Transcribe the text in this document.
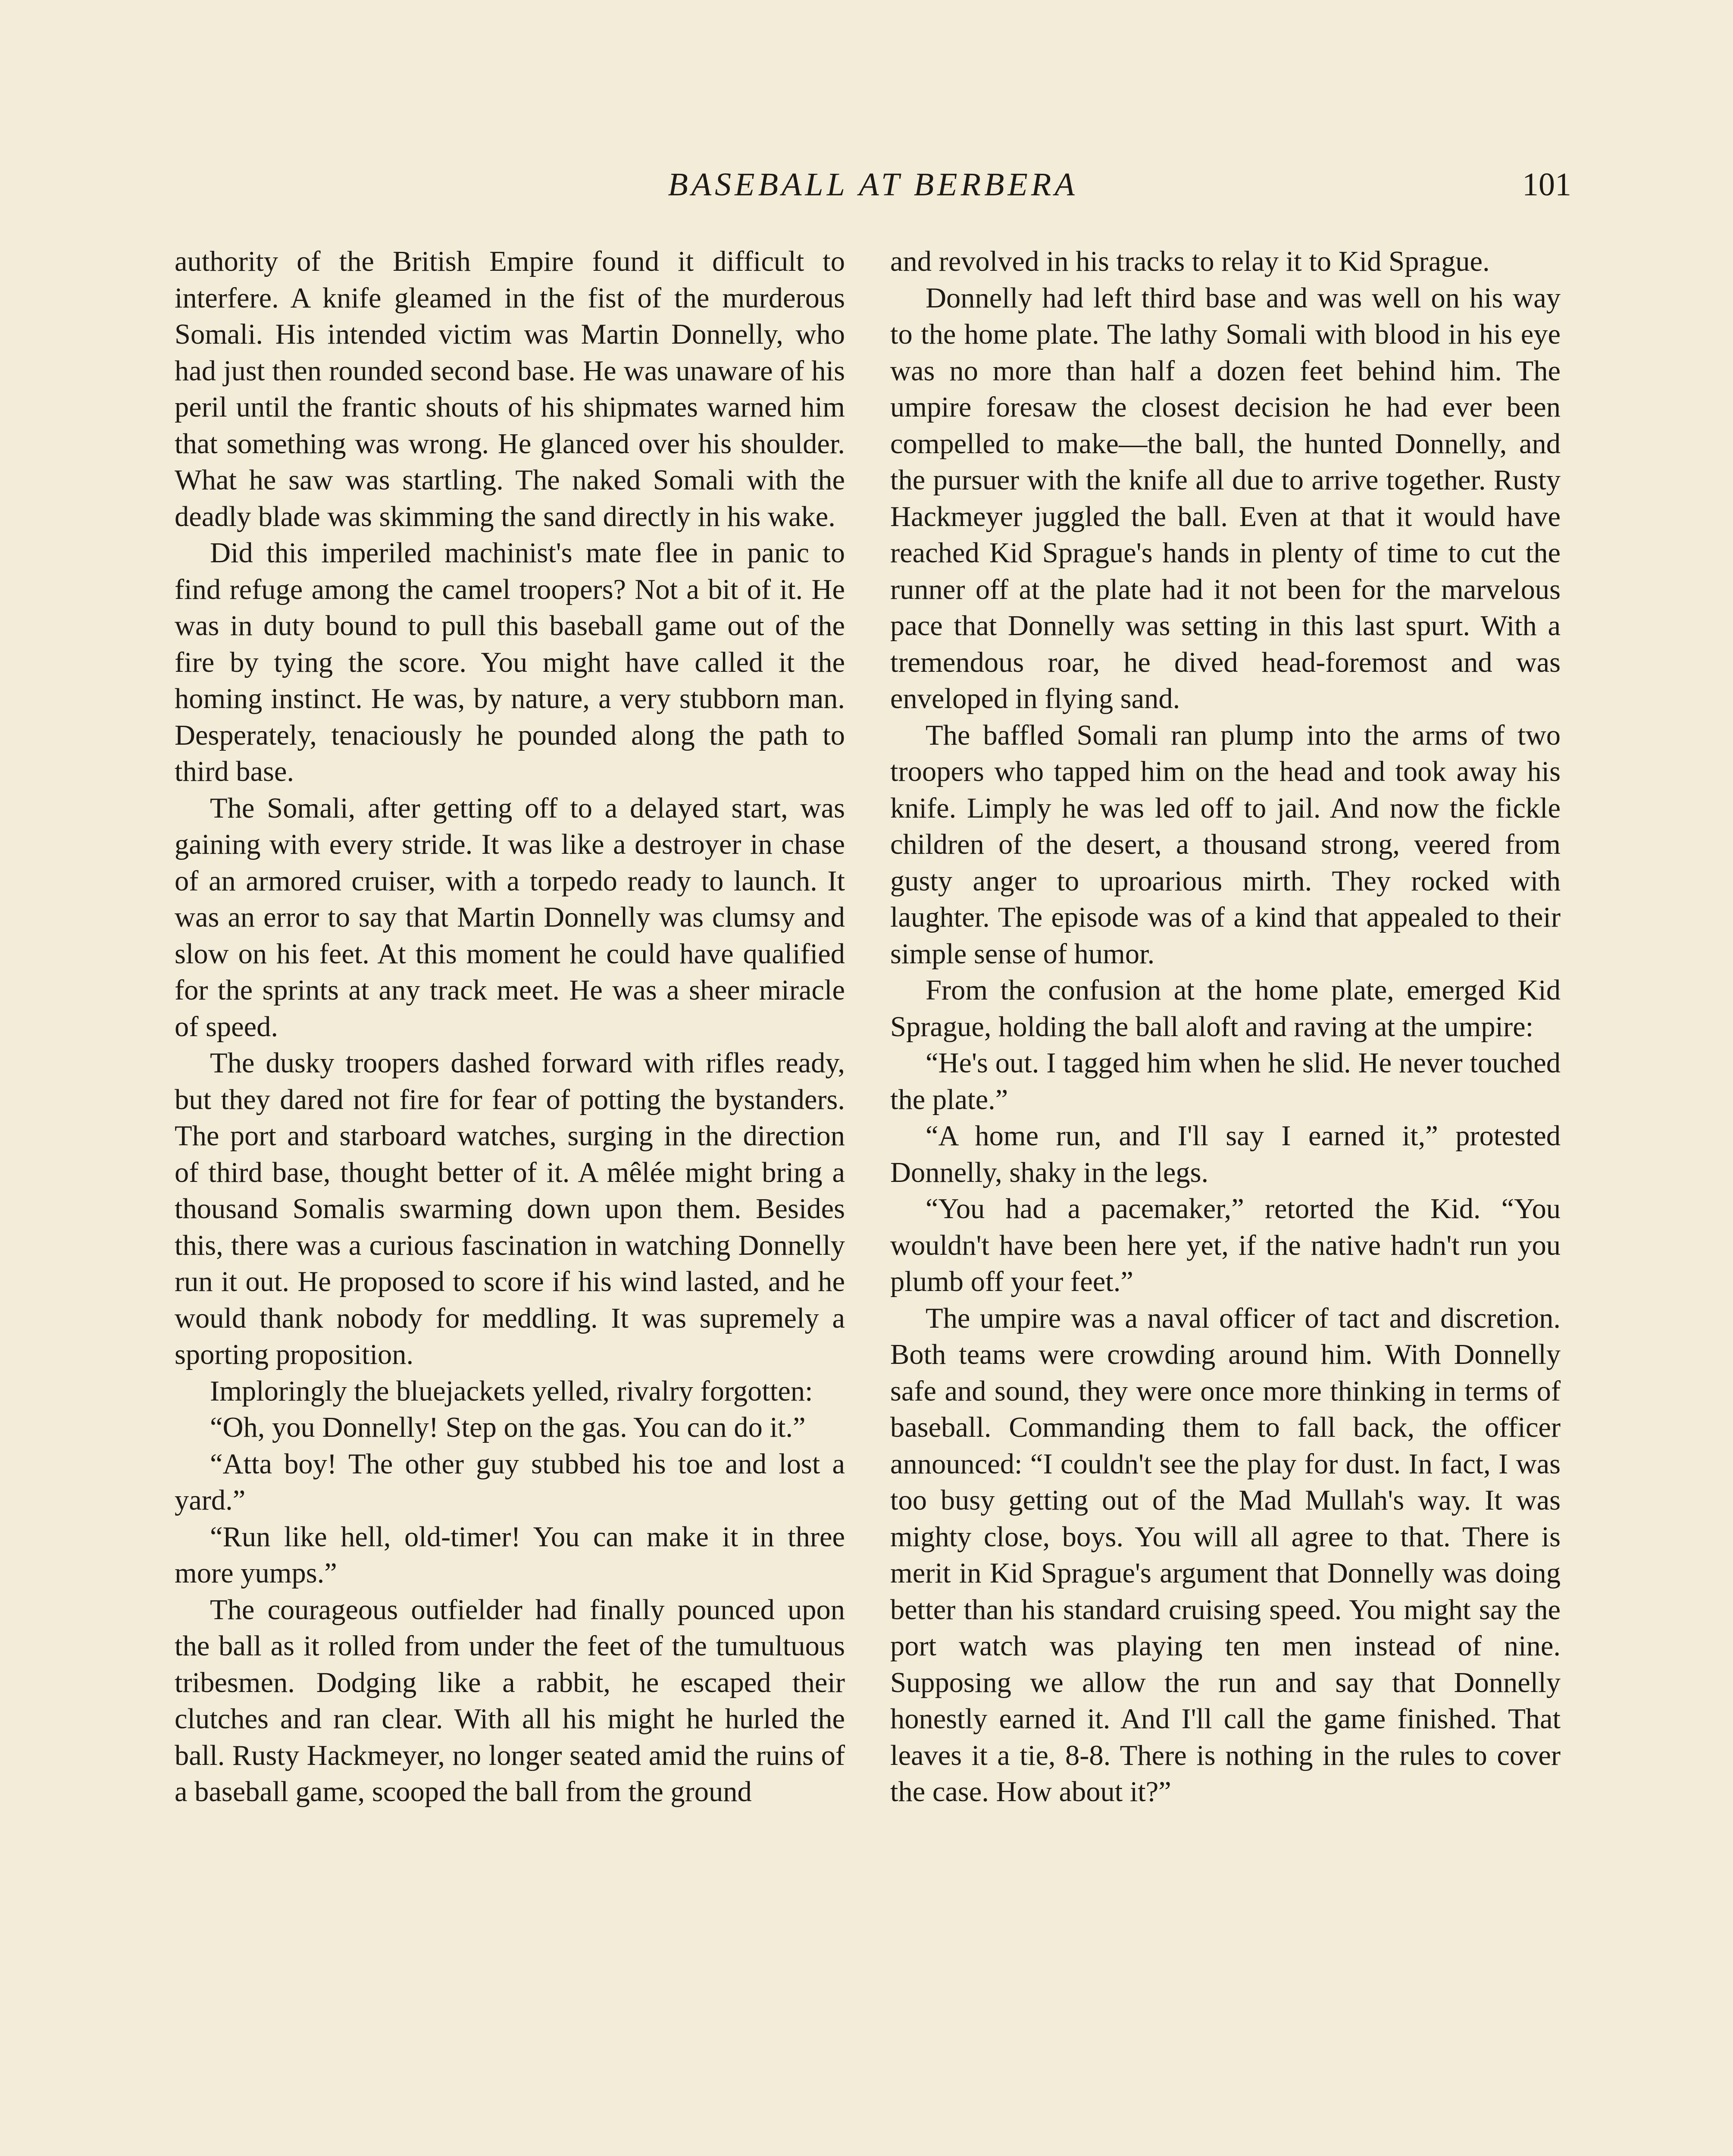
BASEBALL AT BERBERA	101

authority of the British Empire found it difficult to interfere. A knife gleamed in the fist of the murderous Somali. His intended victim was Martin Donnelly, who had just then rounded second base. He was unaware of his peril until the frantic shouts of his shipmates warned him that something was wrong. He glanced over his shoulder. What he saw was startling. The naked Somali with the deadly blade was skimming the sand directly in his wake.

Did this imperiled machinist's mate flee in panic to find refuge among the camel troopers? Not a bit of it. He was in duty bound to pull this baseball game out of the fire by tying the score. You might have called it the homing instinct. He was, by nature, a very stubborn man. Desperately, tenaciously he pounded along the path to third base.

The Somali, after getting off to a delayed start, was gaining with every stride. It was like a destroyer in chase of an armored cruiser, with a torpedo ready to launch. It was an error to say that Martin Donnelly was clumsy and slow on his feet. At this moment he could have qualified for the sprints at any track meet. He was a sheer miracle of speed.

The dusky troopers dashed forward with rifles ready, but they dared not fire for fear of potting the bystanders. The port and starboard watches, surging in the direction of third base, thought better of it. A mêlée might bring a thousand Somalis swarming down upon them. Besides this, there was a curious fascination in watching Donnelly run it out. He proposed to score if his wind lasted, and he would thank nobody for meddling. It was supremely a sporting proposition.

Imploringly the bluejackets yelled, rivalry forgotten:

“Oh, you Donnelly! Step on the gas. You can do it.”

“Atta boy! The other guy stubbed his toe and lost a yard.”

“Run like hell, old-timer! You can make it in three more yumps.”

The courageous outfielder had finally pounced upon the ball as it rolled from under the feet of the tumultuous tribesmen. Dodging like a rabbit, he escaped their clutches and ran clear. With all his might he hurled the ball. Rusty Hackmeyer, no longer seated amid the ruins of a baseball game, scooped the ball from the ground

and revolved in his tracks to relay it to Kid Sprague.

Donnelly had left third base and was well on his way to the home plate. The lathy Somali with blood in his eye was no more than half a dozen feet behind him. The umpire foresaw the closest decision he had ever been compelled to make—the ball, the hunted Donnelly, and the pursuer with the knife all due to arrive together. Rusty Hackmeyer juggled the ball. Even at that it would have reached Kid Sprague's hands in plenty of time to cut the runner off at the plate had it not been for the marvelous pace that Donnelly was setting in this last spurt. With a tremendous roar, he dived head-foremost and was enveloped in flying sand.

The baffled Somali ran plump into the arms of two troopers who tapped him on the head and took away his knife. Limply he was led off to jail. And now the fickle children of the desert, a thousand strong, veered from gusty anger to uproarious mirth. They rocked with laughter. The episode was of a kind that appealed to their simple sense of humor.

From the confusion at the home plate, emerged Kid Sprague, holding the ball aloft and raving at the umpire:

“He's out. I tagged him when he slid. He never touched the plate.”

“A home run, and I'll say I earned it,” protested Donnelly, shaky in the legs.

“You had a pacemaker,” retorted the Kid. “You wouldn't have been here yet, if the native hadn't run you plumb off your feet.”

The umpire was a naval officer of tact and discretion. Both teams were crowding around him. With Donnelly safe and sound, they were once more thinking in terms of baseball. Commanding them to fall back, the officer announced: “I couldn't see the play for dust. In fact, I was too busy getting out of the Mad Mullah's way. It was mighty close, boys. You will all agree to that. There is merit in Kid Sprague's argument that Donnelly was doing better than his standard cruising speed. You might say the port watch was playing ten men instead of nine. Supposing we allow the run and say that Donnelly honestly earned it. And I'll call the game finished. That leaves it a tie, 8-8. There is nothing in the rules to cover the case. How about it?”
